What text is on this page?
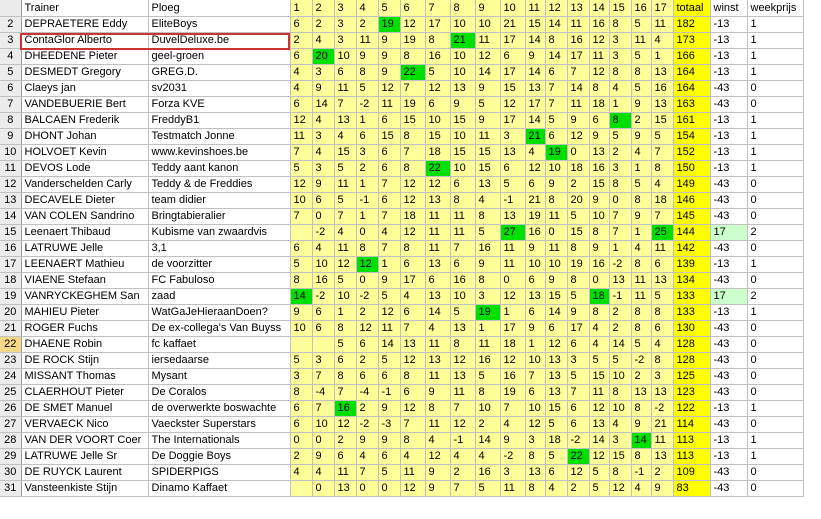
	Trainer	Ploeg	1	2	3	4	5	6	7	8	9	10	11	12	13	14	15	16	17	totaal	winst	weekprijs
2	DEPRAETERE Eddy	EliteBoys	6	2	3	2	19	12	17	10	10	21	15	14	11	16	8	5	11	182	-13	1
3	ContaGlor Alberto	DuvelDeluxe.be	2	4	3	11	9	19	8	21	11	17	14	8	16	12	3	11	4	173	-13	1
4	DHEEDENE Pieter	geel-groen	6	20	10	9	9	8	16	10	12	6	9	14	17	11	3	5	1	166	-13	1
5	DESMEDT Gregory	GREG.D.	4	3	6	8	9	22	5	10	14	17	14	6	7	12	8	8	13	164	-13	1
6	Claeys jan	sv2031	4	9	11	5	12	7	12	13	9	15	13	7	14	8	4	5	16	164	-43	0
7	VANDEBUERIE Bert	Forza KVE	6	14	7	-2	11	19	6	9	5	12	17	7	11	18	1	9	13	163	-43	0
8	BALCAEN Frederik	FreddyB1	12	4	13	1	6	15	10	15	9	17	14	5	9	6	8	2	15	161	-13	1
9	DHONT Johan	Testmatch Jonne	11	3	4	6	15	8	15	10	11	3	21	6	12	9	5	9	5	154	-13	1
10	HOLVOET Kevin	www.kevinshoes.be	7	4	15	3	6	7	18	15	15	13	4	19	0	13	2	4	7	152	-13	1
11	DEVOS Lode	Teddy aant kanon	5	3	5	2	6	8	22	10	15	6	12	10	18	16	3	1	8	150	-13	1
12	Vanderschelden Carly	Teddy & de Freddies	12	9	11	1	7	12	12	6	13	5	6	9	2	15	8	5	4	149	-43	0
13	DECAVELE Dieter	team didier	10	6	5	-1	6	12	13	8	4	-1	21	8	20	9	0	8	18	146	-43	0
14	VAN COLEN Sandrino	Bringtabieralier	7	0	7	1	7	18	11	11	8	13	19	11	5	10	7	9	7	145	-43	0
15	Leenaert Thibaud	Kubisme van zwaardvis		-2	4	0	4	12	11	11	5	27	16	0	15	8	7	1	25	144	17	2
16	LATRUWE Jelle	3,1	6	4	11	8	7	8	11	7	16	11	9	11	8	9	1	4	11	142	-43	0
17	LEENAERT Mathieu	de voorzitter	5	10	12	12	1	6	13	6	9	11	10	10	19	16	-2	8	6	139	-13	1
18	VIAENE Stefaan	FC Fabuloso	8	16	5	0	9	17	6	16	8	0	6	9	8	0	13	11	13	134	-43	0
19	VANRYCKEGHEM San	zaad	14	-2	10	-2	5	4	13	10	3	12	13	15	5	18	-1	11	5	133	17	2
20	MAHIEU Pieter	WatGaJeHieraanDoen?	9	6	1	2	12	6	14	5	19	1	6	14	9	8	2	8	8	133	-13	1
21	ROGER Fuchs	De ex-collega's Van Buyss	10	6	8	12	11	7	4	13	1	17	9	6	17	4	2	8	6	130	-43	0
22	DHAENE Robin	fc kaffaet			5	6	14	13	11	8	11	18	1	12	6	4	14	5	4	128	-43	0
23	DE ROCK Stijn	iersedaarse	5	3	6	2	5	12	13	12	16	12	10	13	3	5	5	-2	8	128	-43	0
24	MISSANT Thomas	Mysant	3	7	8	6	6	8	11	13	5	16	7	13	5	15	10	2	3	125	-43	0
25	CLAERHOUT Pieter	De Coralos	8	-4	7	-4	-1	6	9	11	8	19	6	13	7	11	8	13	13	123	-43	0
26	DE SMET Manuel	de overwerkte boswachte	6	7	16	2	9	12	8	7	10	7	10	15	6	12	10	8	-2	122	-13	1
27	VERVAECK Nico	Vaeckster Superstars	6	10	12	-2	-3	7	11	12	2	4	12	5	6	13	4	9	21	114	-43	0
28	VAN DER VOORT Coer	The Internationals	0	0	2	9	9	8	4	-1	14	9	3	18	-2	14	3	14	11	113	-13	1
29	LATRUWE Jelle Sr	De Doggie Boys	2	9	6	4	6	4	12	4	4	-2	8	5	22	12	15	8	13	113	-13	1
30	DE RUYCK Laurent	SPIDERPIGS	4	4	11	7	5	11	9	2	16	3	13	6	12	5	8	-1	2	109	-43	0
31	Vansteenkiste Stijn	Dinamo Kaffaet		0	13	0	0	12	9	7	5	11	8	4	2	5	12	4	9	83	-43	0
